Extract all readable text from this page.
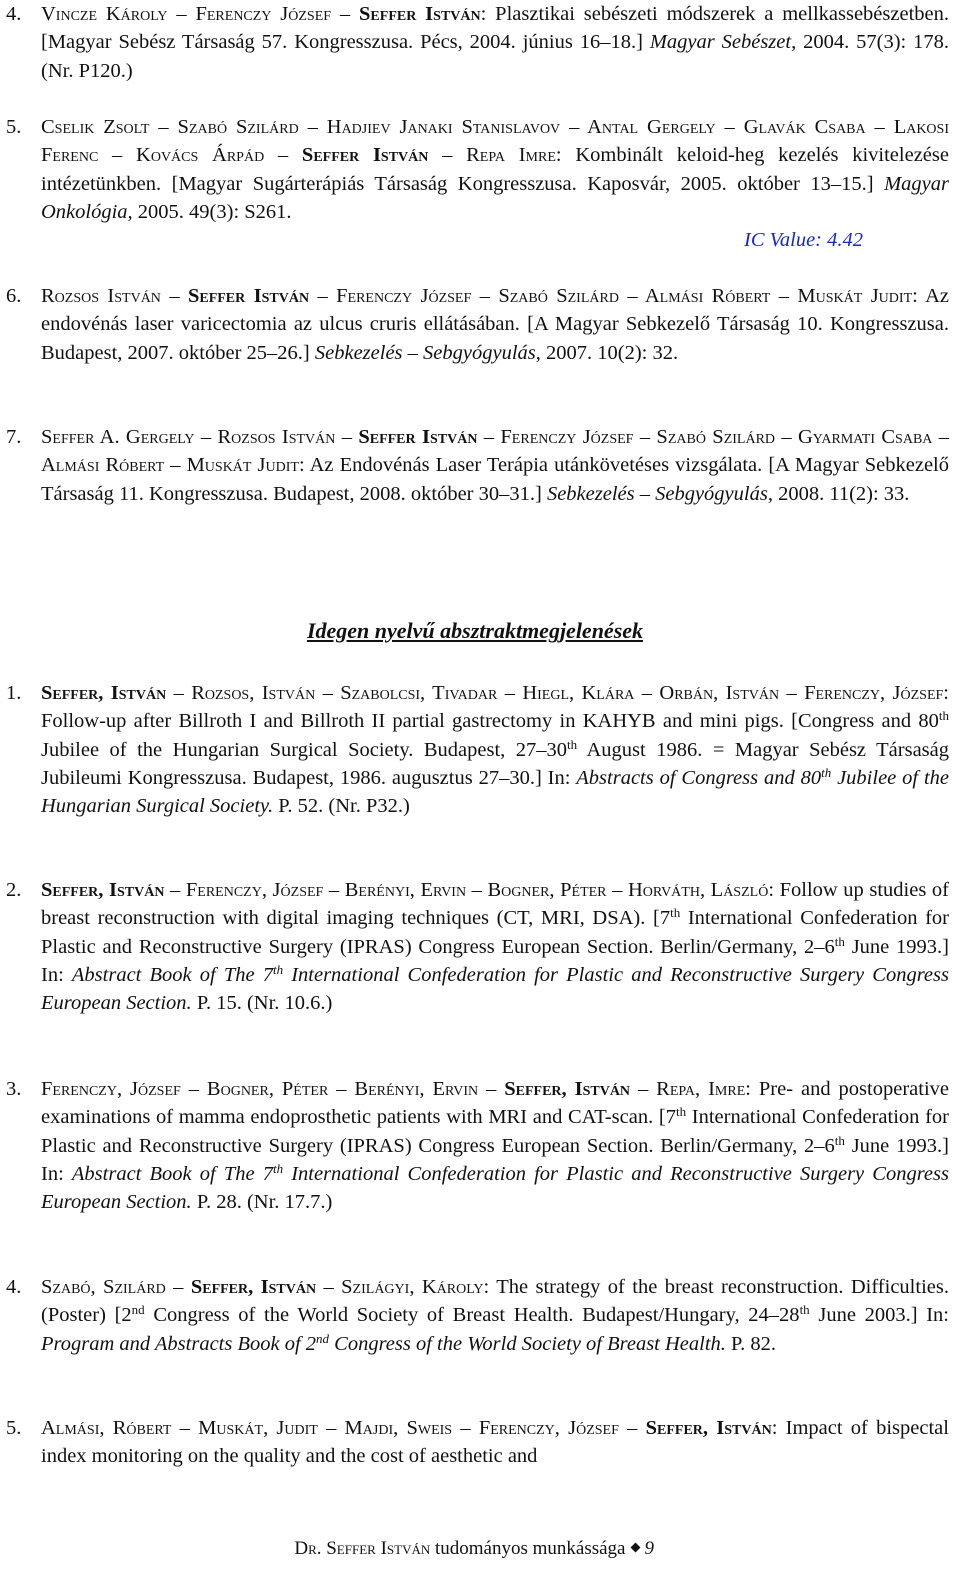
4. Vincze Károly – Ferenczy József – Seffer István: Plasztikai sebészeti módszerek a mellkassebészetben. [Magyar Sebész Társaság 57. Kongresszusa. Pécs, 2004. június 16–18.] Magyar Sebészet, 2004. 57(3): 178. (Nr. P120.)
5. Cselik Zsolt – Szabó Szilárd – Hadjiev Janaki Stanislavov – Antal Gergely – Glavák Csaba – Lakosi Ferenc – Kovács Árpád – Seffer István – Repa Imre: Kombinált keloid-heg kezelés kivitelezése intézetünkben. [Magyar Sugárterápiás Társaság Kongresszusa. Kaposvár, 2005. október 13–15.] Magyar Onkológia, 2005. 49(3): S261.
IC Value: 4.42
6. Rozsos István – Seffer István – Ferenczy József – Szabó Szilárd – Almási Róbert – Muskát Judit: Az endovénás laser varicectomia az ulcus cruris ellátásában. [A Magyar Sebkezelő Társaság 10. Kongresszusa. Budapest, 2007. október 25–26.] Sebkezelés – Sebgyógyulás, 2007. 10(2): 32.
7. Seffer A. Gergely – Rozsos István – Seffer István – Ferenczy József – Szabó Szilárd – Gyarmati Csaba – Almási Róbert – Muskát Judit: Az Endovénás Laser Terápia utánkövetéses vizsgálata. [A Magyar Sebkezelő Társaság 11. Kongresszusa. Budapest, 2008. október 30–31.] Sebkezelés – Sebgyógyulás, 2008. 11(2): 33.
Idegen nyelvű absztraktmegjelenések
1. Seffer, István – Rozsos, István – Szabolcsi, Tivadar – Hiegl, Klára – Orbán, István – Ferenczy, József: Follow-up after Billroth I and Billroth II partial gastrectomy in KAHYB and mini pigs. [Congress and 80th Jubilee of the Hungarian Surgical Society. Budapest, 27–30th August 1986. = Magyar Sebész Társaság Jubileumi Kongresszusa. Budapest, 1986. augusztus 27–30.] In: Abstracts of Congress and 80th Jubilee of the Hungarian Surgical Society. P. 52. (Nr. P32.)
2. Seffer, István – Ferenczy, József – Berényi, Ervin – Bogner, Péter – Horváth, László: Follow up studies of breast reconstruction with digital imaging techniques (CT, MRI, DSA). [7th International Confederation for Plastic and Reconstructive Surgery (IPRAS) Congress European Section. Berlin/Germany, 2–6th June 1993.] In: Abstract Book of The 7th International Confederation for Plastic and Reconstructive Surgery Congress European Section. P. 15. (Nr. 10.6.)
3. Ferenczy, József – Bogner, Péter – Berényi, Ervin – Seffer, István – Repa, Imre: Pre- and postoperative examinations of mamma endoprosthetic patients with MRI and CAT-scan. [7th International Confederation for Plastic and Reconstructive Surgery (IPRAS) Congress European Section. Berlin/Germany, 2–6th June 1993.] In: Abstract Book of The 7th International Confederation for Plastic and Reconstructive Surgery Congress European Section. P. 28. (Nr. 17.7.)
4. Szabó, Szilárd – Seffer, István – Szilágyi, Károly: The strategy of the breast reconstruction. Difficulties. (Poster) [2nd Congress of the World Society of Breast Health. Budapest/Hungary, 24–28th June 2003.] In: Program and Abstracts Book of 2nd Congress of the World Society of Breast Health. P. 82.
5. Almási, Róbert – Muskát, Judit – Majdi, Sweis – Ferenczy, József – Seffer, István: Impact of bispectal index monitoring on the quality and the cost of aesthetic and
Dr. Seffer István tudományos munkássága 9
